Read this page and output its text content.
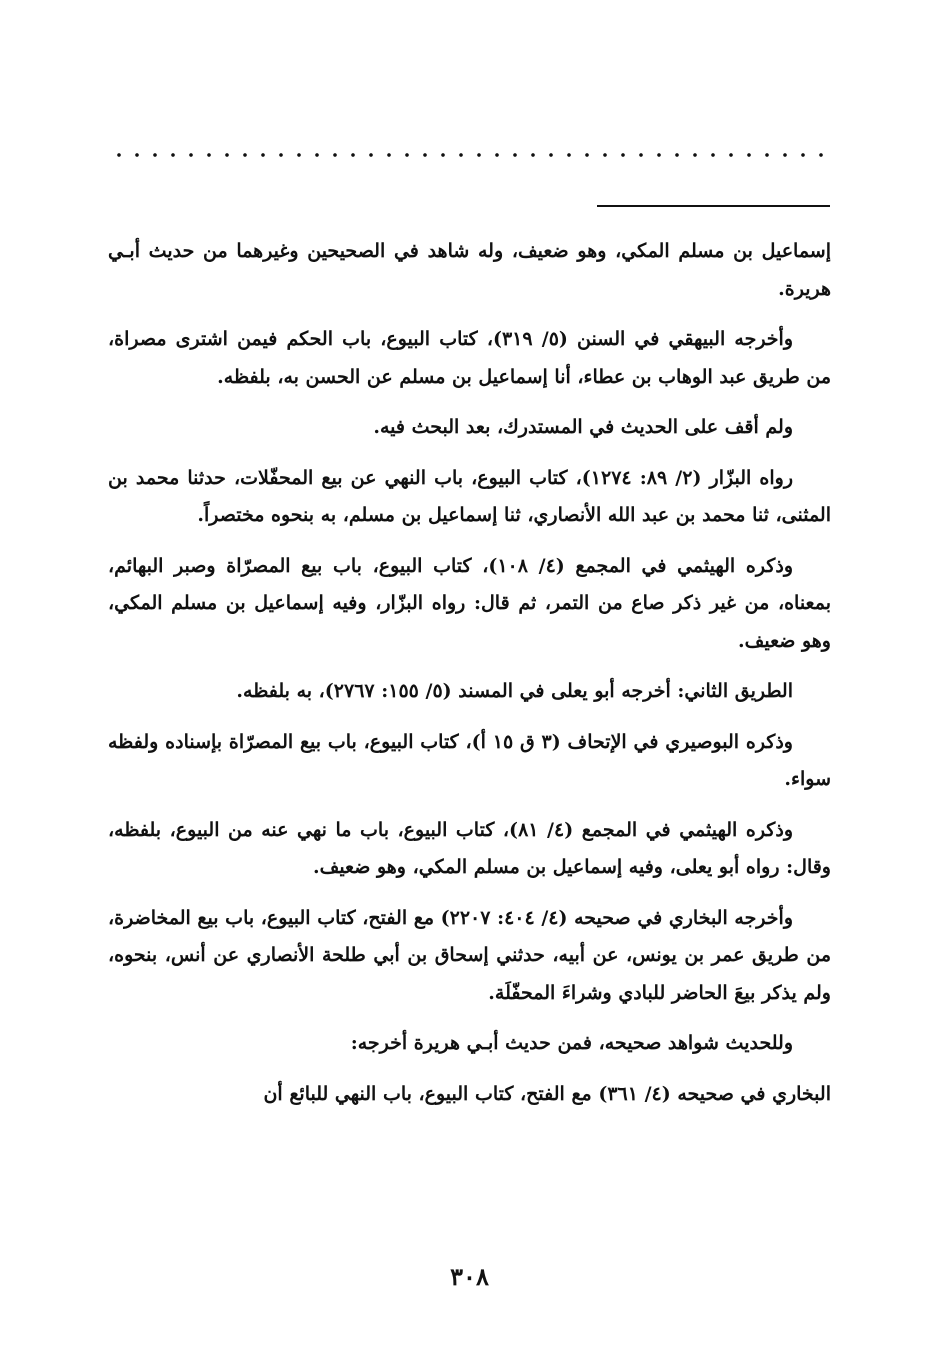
إسماعيل بن مسلم المكي، وهو ضعيف، وله شاهد في الصحيحين وغيرهما من حديث أبـي هريرة.

وأخرجه البيهقي في السنن (٥/ ٣١٩)، كتاب البيوع، باب الحكم فيمن اشترى مصراة، من طريق عبد الوهاب بن عطاء، أنا إسماعيل بن مسلم عن الحسن به، بلفظه.

ولم أقف على الحديث في المستدرك، بعد البحث فيه.

رواه البزّار (٢/ ٨٩: ١٢٧٤)، كتاب البيوع، باب النهي عن بيع المحفّلات، حدثنا محمد بن المثنى، ثنا محمد بن عبد الله الأنصاري، ثنا إسماعيل بن مسلم، به بنحوه مختصراً.

وذكره الهيثمي في المجمع (٤/ ١٠٨)، كتاب البيوع، باب بيع المصرّاة وصبر البهائم، بمعناه، من غير ذكر صاع من التمر، ثم قال: رواه البزّار، وفيه إسماعيل بن مسلم المكي، وهو ضعيف.

الطريق الثاني: أخرجه أبو يعلى في المسند (٥/ ١٥٥: ٢٧٦٧)، به بلفظه.

وذكره البوصيري في الإتحاف (٣ ق ١٥ أ)، كتاب البيوع، باب بيع المصرّاة بإسناده ولفظه سواء.

وذكره الهيثمي في المجمع (٤/ ٨١)، كتاب البيوع، باب ما نهي عنه من البيوع، بلفظه، وقال: رواه أبو يعلى، وفيه إسماعيل بن مسلم المكي، وهو ضعيف.

وأخرجه البخاري في صحيحه (٤/ ٤٠٤: ٢٢٠٧) مع الفتح، كتاب البيوع، باب بيع المخاضرة، من طريق عمر بن يونس، عن أبيه، حدثني إسحاق بن أبي طلحة الأنصاري عن أنس، بنحوه، ولم يذكر بيعَ الحاضر للبادي وشراءَ المحفّلَة.

وللحديث شواهد صحيحه، فمن حديث أبـي هريرة أخرجه:

البخاري في صحيحه (٤/ ٣٦١) مع الفتح، كتاب البيوع، باب النهي للبائع أن

٣٠٨
